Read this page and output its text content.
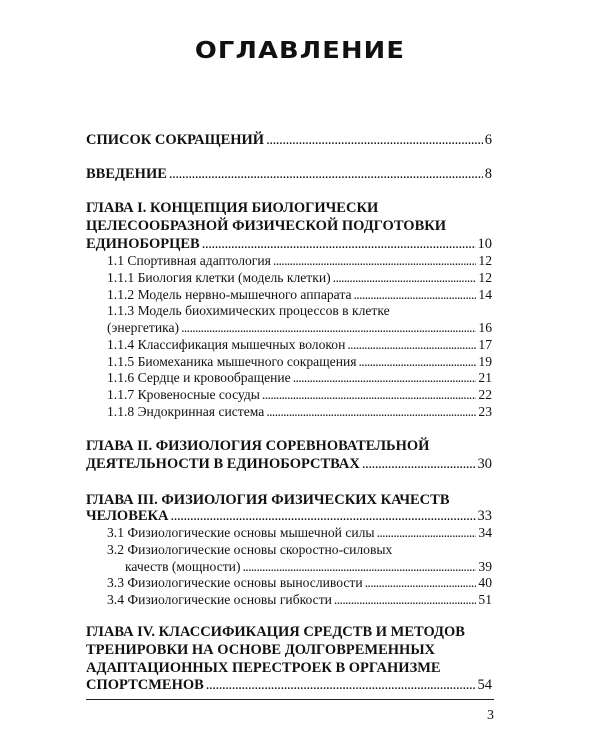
ОГЛАВЛЕНИЕ
СПИСОК СОКРАЩЕНИЙ . . .	6
ВВЕДЕНИЕ . . .	8
ГЛАВА I. КОНЦЕПЦИЯ БИОЛОГИЧЕСКИ
ЦЕЛЕСООБРАЗНОЙ ФИЗИЧЕСКОЙ ПОДГОТОВКИ
ЕДИНОБОРЦЕВ . . .	10
1.1 Спортивная адаптология . . .	12
1.1.1 Биология клетки (модель клетки) . . .	12
1.1.2 Модель нервно-мышечного аппарата . . .	14
1.1.3 Модель биохимических процессов в клетке
(энергетика) . . .	16
1.1.4 Классификация мышечных волокон . . .	17
1.1.5 Биомеханика мышечного сокращения . . .	19
1.1.6 Сердце и кровообращение . . .	21
1.1.7 Кровеносные сосуды . . .	22
1.1.8 Эндокринная система . . .	23
ГЛАВА II. ФИЗИОЛОГИЯ СОРЕВНОВАТЕЛЬНОЙ
ДЕЯТЕЛЬНОСТИ В ЕДИНОБОРСТВАХ . . .	30
ГЛАВА III. ФИЗИОЛОГИЯ ФИЗИЧЕСКИХ КАЧЕСТВ
ЧЕЛОВЕКА . . .	33
3.1 Физиологические основы мышечной силы . . .	34
3.2 Физиологические основы скоростно-силовых
качеств (мощности) . . .	39
3.3 Физиологические основы выносливости . . .	40
3.4 Физиологические основы гибкости . . .	51
ГЛАВА IV. КЛАССИФИКАЦИЯ СРЕДСТВ И МЕТОДОВ
ТРЕНИРОВКИ НА ОСНОВЕ ДОЛГОВРЕМЕННЫХ
АДАПТАЦИОННЫХ ПЕРЕСТРОЕК В ОРГАНИЗМЕ
СПОРТСМЕНОВ . . .	54
3
